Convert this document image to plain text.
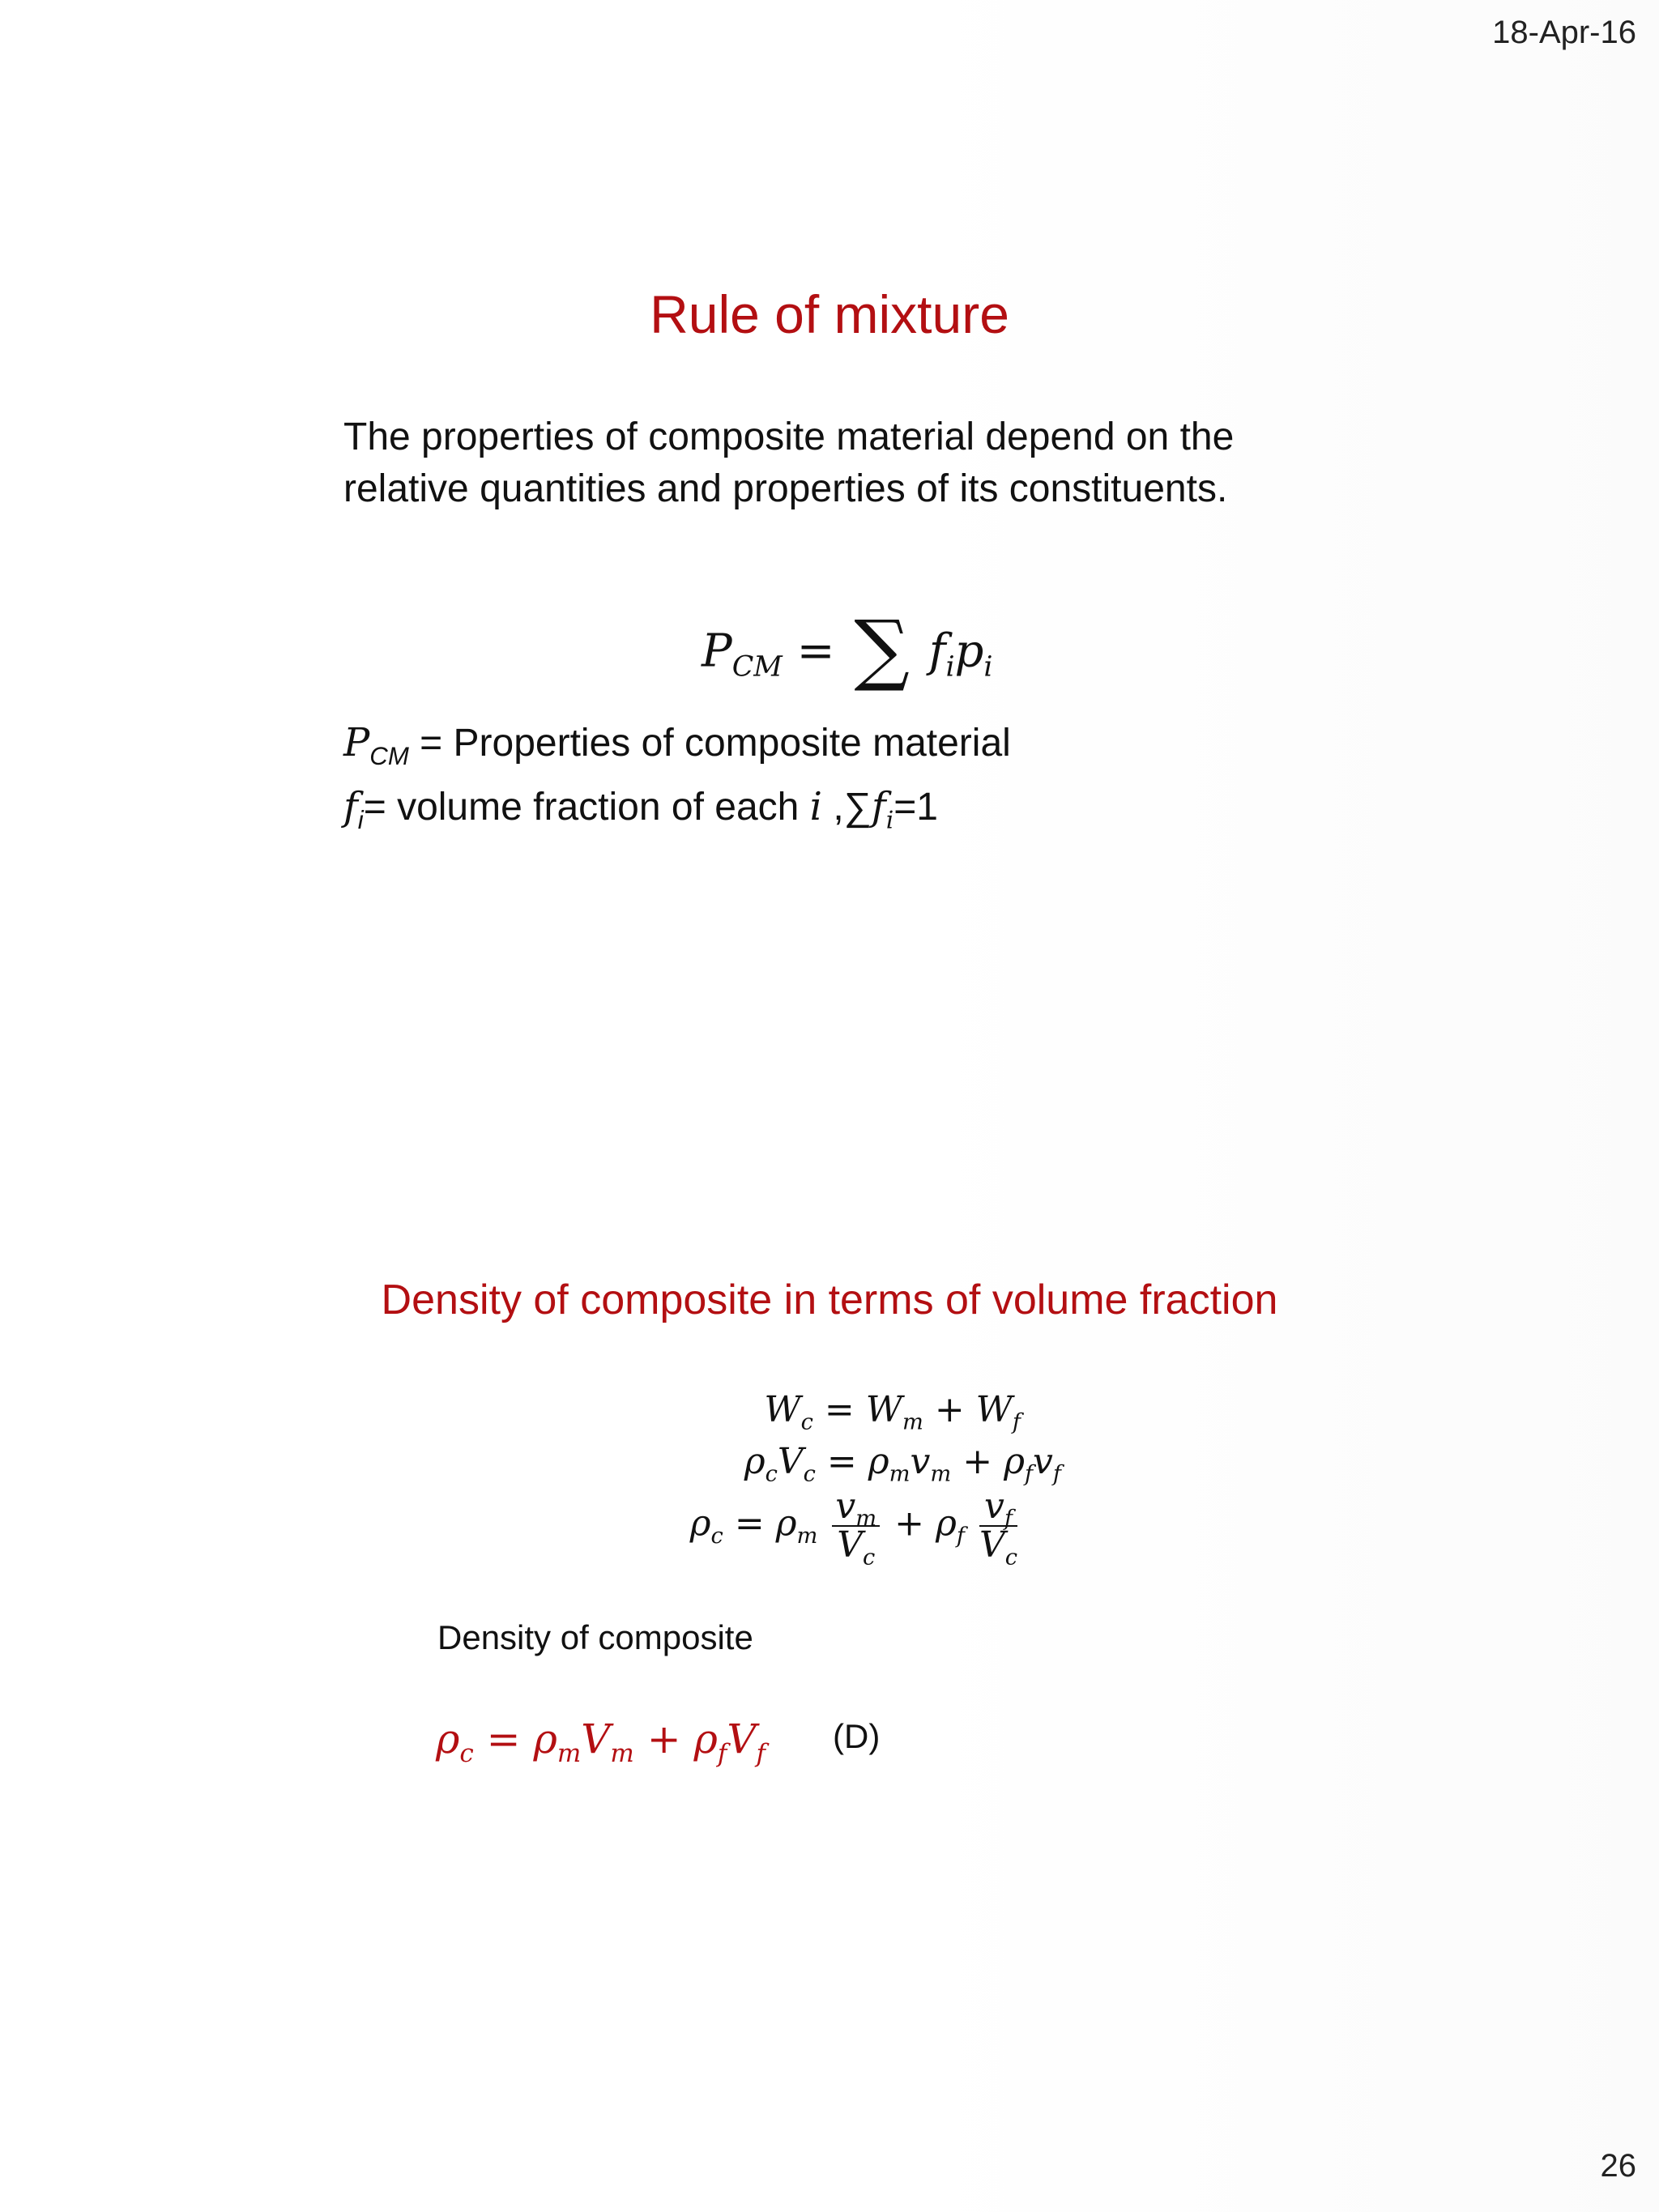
18-Apr-16
Rule of mixture
The properties of composite material depend on the
relative quantities and properties of its constituents.
$P_{CM}$ = ∑ $f_ip_i$
$P_{CM}$ = Properties of composite material
$f_i=$ volume fraction of each i $,\sum f_i=1$
Density of composite in terms of volume fraction
$W_c = W_m + W_f$
$\rho_cV_c = \rho_mv_m + \rho_fv_f$
$\rho_c = \rho_m \frac{v_m}{V_c} + \rho_f \frac{v_f}{V_c}$
Density of composite
$\rho_c = \rho_mV_m + \rho_fV_f$ (D)
26
